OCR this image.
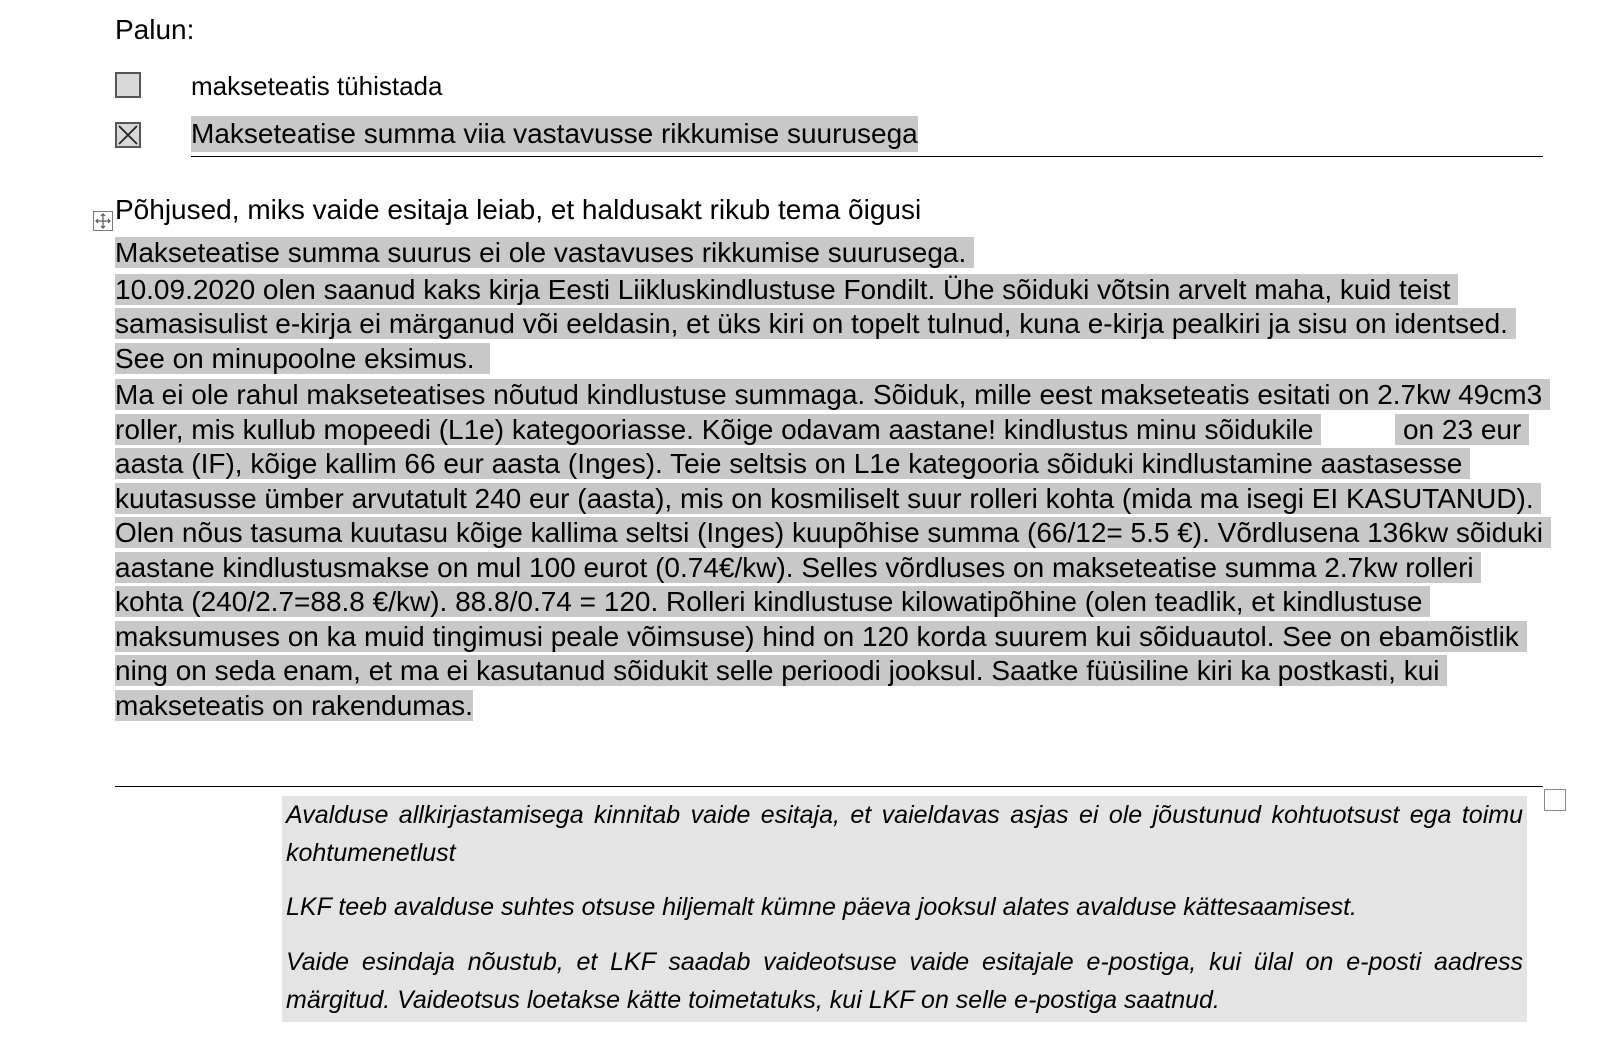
Palun:
makseteatis tühistada
Makseteatise summa viia vastavusse rikkumise suurusega
Põhjused, miks vaide esitaja leiab, et haldusakt rikub tema õigusi

Makseteatise summa suurus ei ole vastavuses rikkumise suurusega.

10.09.2020 olen saanud kaks kirja Eesti Liikluskindlustuse Fondilt. Ühe sõiduki võtsin arvelt maha, kuid teist samasisulist e-kirja ei märganud või eeldasin, et üks kiri on topelt tulnud, kuna e-kirja pealkiri ja sisu on identsed. See on minupoolne eksimus.

Ma ei ole rahul makseteatises nõutud kindlustuse summaga. Sõiduk, mille eest makseteatis esitati on 2.7kw 49cm3 roller, mis kullub mopeedi (L1e) kategooriasse. Kõige odavam aastane! kindlustus minu sõidukile	on 23 eur aasta (IF), kõige kallim 66 eur aasta (Inges). Teie seltsis on L1e kategooria sõiduki kindlustamine aastasesse kuutasusse ümber arvutatult 240 eur (aasta), mis on kosmiliselt suur rolleri kohta (mida ma isegi EI KASUTANUD). Olen nõus tasuma kuutasu kõige kallima seltsi (Inges) kuupõhise summa (66/12= 5.5 €). Võrdlusena 136kw sõiduki aastane kindlustusmakse on mul 100 eurot (0.74€/kw). Selles võrdluses on makseteatise summa 2.7kw rolleri kohta (240/2.7=88.8 €/kw). 88.8/0.74 = 120. Rolleri kindlustuse kilowatipõhine (olen teadlik, et kindlustuse maksumuses on ka muid tingimusi peale võimsuse) hind on 120 korda suurem kui sõiduautol. See on ebamõistlik ning on seda enam, et ma ei kasutanud sõidukit selle perioodi jooksul. Saatke füüsiline kiri ka postkasti, kui makseteatis on rakendumas.

Avalduse allkirjastamisega kinnitab vaide esitaja, et vaieldavas asjas ei ole jõustunud kohtuotsust ega toimu kohtumenetlust

LKF teeb avalduse suhtes otsuse hiljemalt kümne päeva jooksul alates avalduse kättesaamisest.

Vaide esindaja nõustub, et LKF saadab vaideotsuse vaide esitajale e-postiga, kui ülal on e-posti aadress märgitud. Vaideotsus loetakse kätte toimetatuks, kui LKF on selle e-postiga saatnud.
